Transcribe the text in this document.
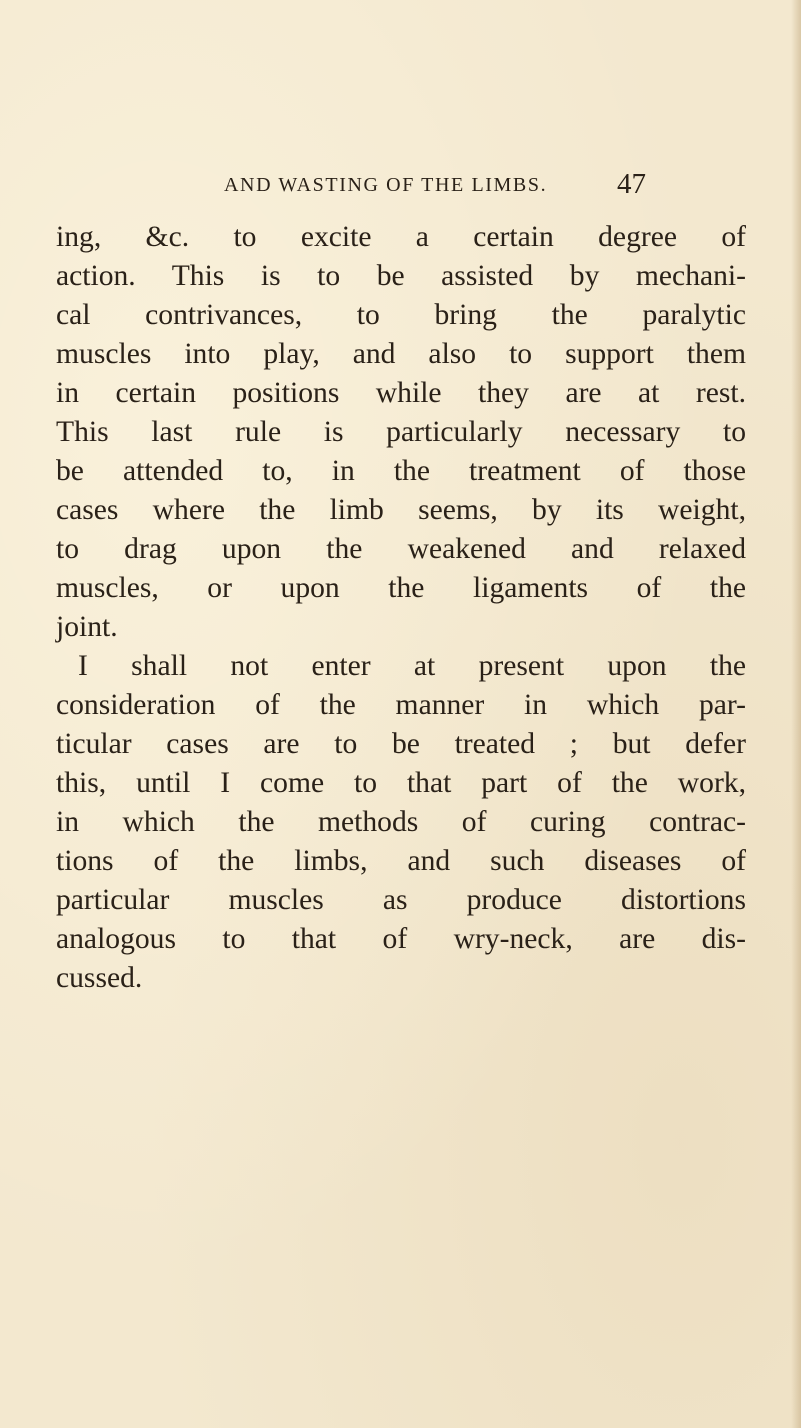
AND WASTING OF THE LIMBS. 47
ing, &c. to excite a certain degree of
action. This is to be assisted by mechani-
cal contrivances, to bring the paralytic
muscles into play, and also to support them
in certain positions while they are at rest.
This last rule is particularly necessary to
be attended to, in the treatment of those
cases where the limb seems, by its weight,
to drag upon the weakened and relaxed
muscles, or upon the ligaments of the
joint.
I shall not enter at present upon the
consideration of the manner in which par-
ticular cases are to be treated ; but defer
this, until I come to that part of the work,
in which the methods of curing contrac-
tions of the limbs, and such diseases of
particular muscles as produce distortions
analogous to that of wry-neck, are dis-
cussed.
